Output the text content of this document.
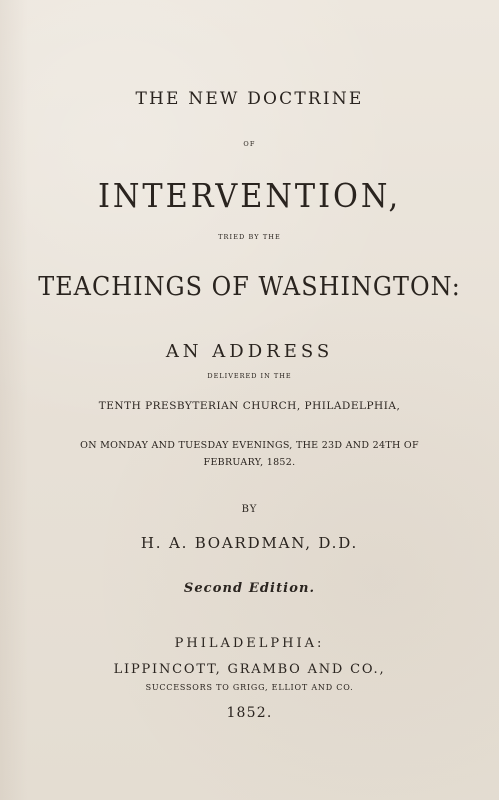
THE NEW DOCTRINE
OF
INTERVENTION,
TRIED BY THE
TEACHINGS OF WASHINGTON:
AN ADDRESS
DELIVERED IN THE
TENTH PRESBYTERIAN CHURCH, PHILADELPHIA,
ON MONDAY AND TUESDAY EVENINGS, THE 23D AND 24TH OF
FEBRUARY, 1852.
BY
H. A. BOARDMAN, D.D.
Second Edition.
PHILADELPHIA:
LIPPINCOTT, GRAMBO AND CO.,
SUCCESSORS TO GRIGG, ELLIOT AND CO.
1852.
